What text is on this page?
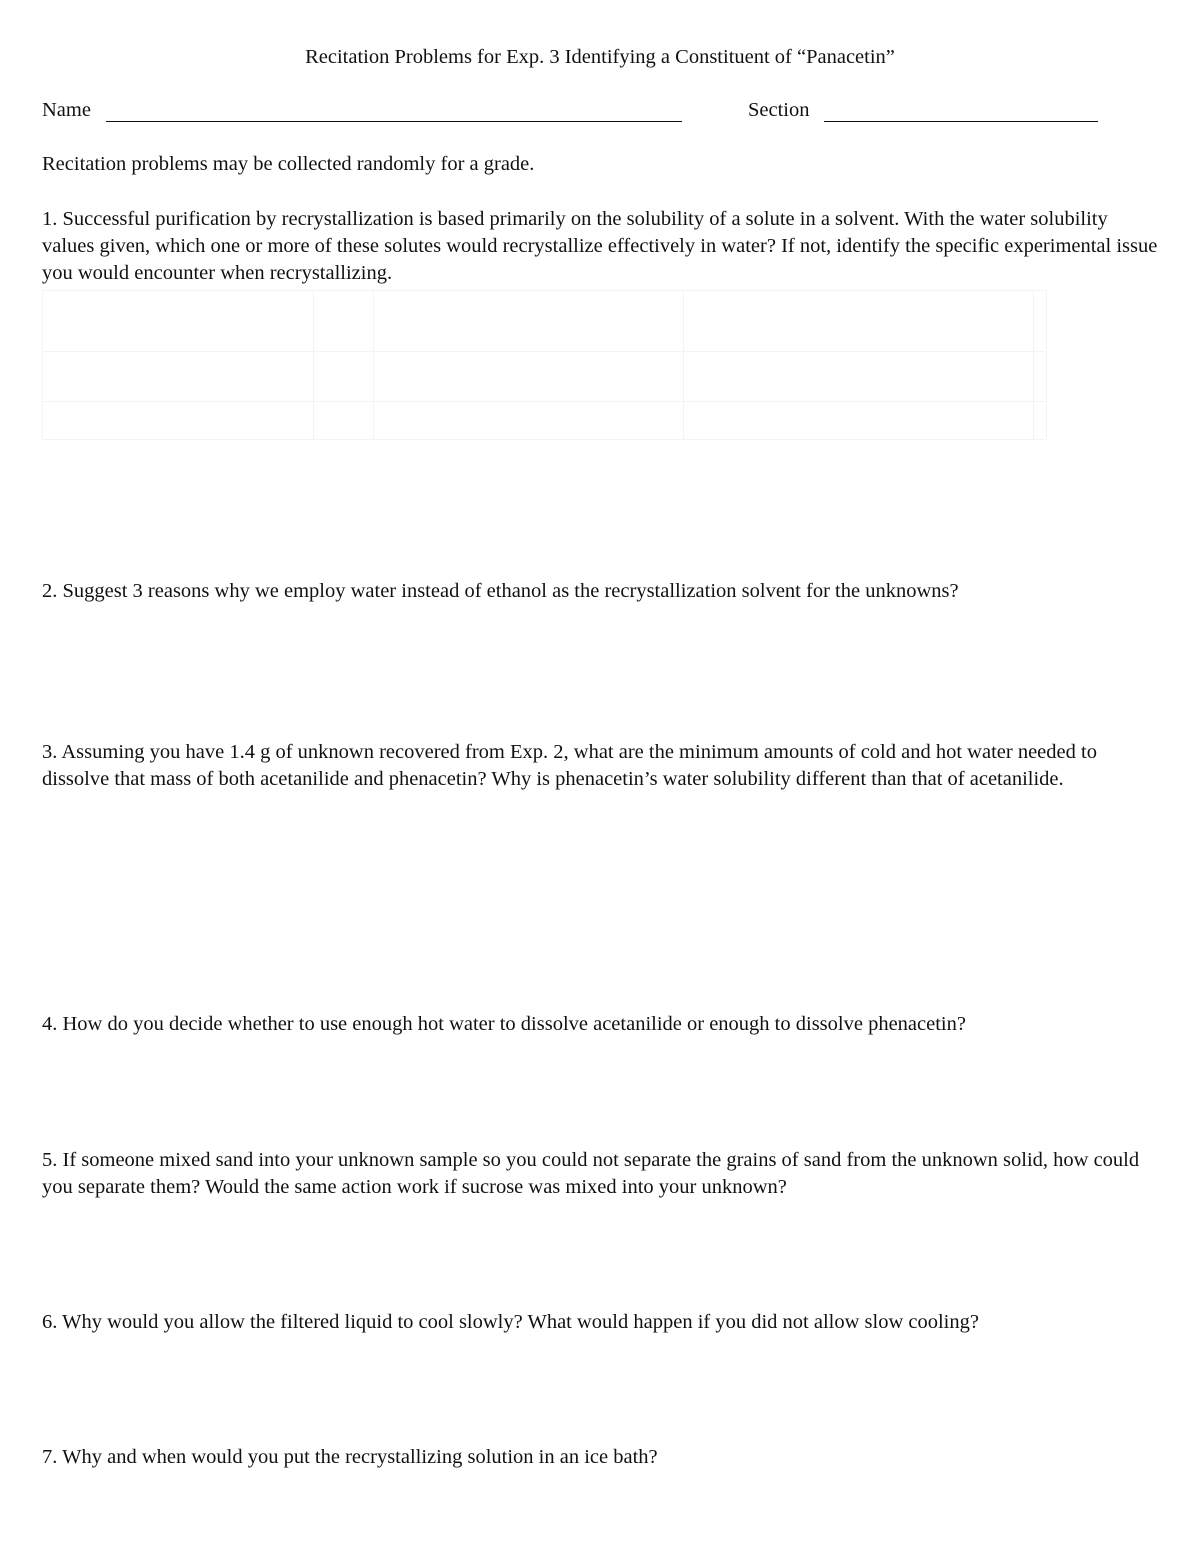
Recitation Problems for Exp. 3 Identifying a Constituent of “Panacetin”
Name	Section
Recitation problems may be collected randomly for a grade.

1. Successful purification by recrystallization is based primarily on the solubility of a solute in a solvent. With the water solubility values given, which one or more of these solutes would recrystallize effectively in water? If not, identify the specific experimental issue you would encounter when recrystallizing.

2. Suggest 3 reasons why we employ water instead of ethanol as the recrystallization solvent for the unknowns?

3. Assuming you have 1.4 g of unknown recovered from Exp. 2, what are the minimum amounts of cold and hot water needed to dissolve that mass of both acetanilide and phenacetin? Why is phenacetin’s water solubility different than that of acetanilide.

4. How do you decide whether to use enough hot water to dissolve acetanilide or enough to dissolve phenacetin?

5. If someone mixed sand into your unknown sample so you could not separate the grains of sand from the unknown solid, how could you separate them? Would the same action work if sucrose was mixed into your unknown?

6. Why would you allow the filtered liquid to cool slowly? What would happen if you did not allow slow cooling?

7. Why and when would you put the recrystallizing solution in an ice bath?
